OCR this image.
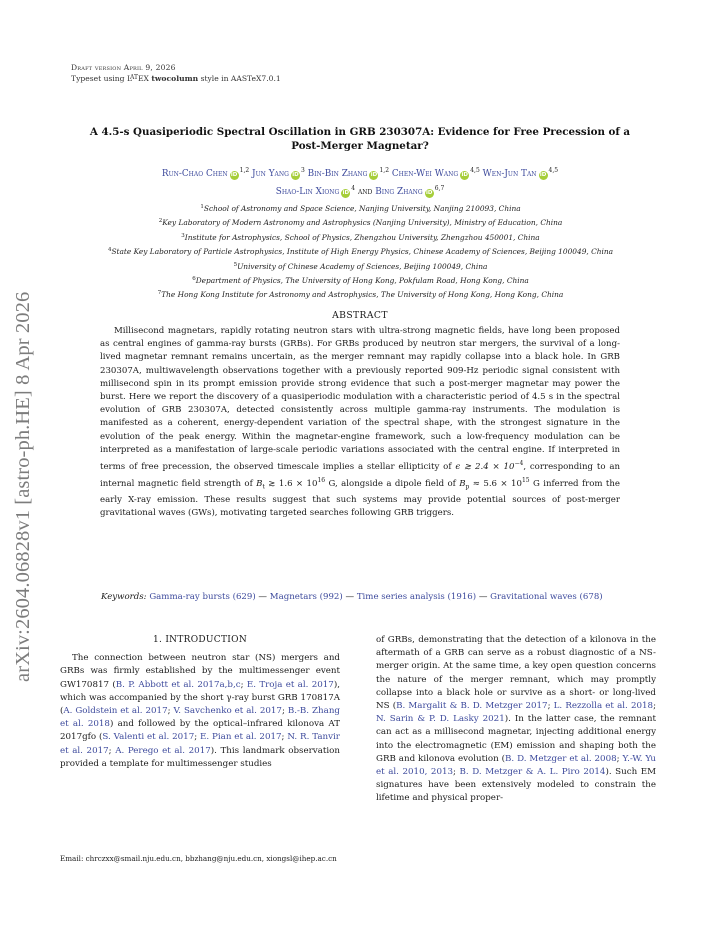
Draft version April 9, 2026
Typeset using $L^{AT}EX$ twocolumn style in AASTeX7.0.1
arXiv:2604.06828v1 [astro-ph.HE] 8 Apr 2026
A 4.5-s Quasiperiodic Spectral Oscillation in GRB 230307A: Evidence for Free Precession of a
Post-Merger Magnetar?
Run-Chao Chen iD$^{1,2}$ Jun Yang $iD^3$ Bin-Bin Zhang iD$^{1,2}$ Chen-Wei Wang iD$^{4,5}$ Wen-Jun Tan iD$^{4,5}$
Shao-Lin Xiong $iD^4$ and Bing Zhang iD$^{6,7}$
$^1$School of Astronomy and Space Science, Nanjing University, Nanjing 210093, China
$^2$Key Laboratory of Modern Astronomy and Astrophysics (Nanjing University), Ministry of Education, China
$^3$Institute for Astrophysics, School of Physics, Zhengzhou University, Zhengzhou 450001, China
$^4$State Key Laboratory of Particle Astrophysics, Institute of High Energy Physics, Chinese Academy of Sciences, Beijing 100049, China
$^5$University of Chinese Academy of Sciences, Beijing 100049, China
$^6$Department of Physics, The University of Hong Kong, Pokfulam Road, Hong Kong, China
$^7$The Hong Kong Institute for Astronomy and Astrophysics, The University of Hong Kong, Hong Kong, China
ABSTRACT
Millisecond magnetars, rapidly rotating neutron stars with ultra-strong magnetic fields, have long been proposed as central engines of gamma-ray bursts (GRBs). For GRBs produced by neutron star mergers, the survival of a long-lived magnetar remnant remains uncertain, as the merger remnant may rapidly collapse into a black hole. In GRB 230307A, multiwavelength observations together with a previously reported 909-Hz periodic signal consistent with millisecond spin in its prompt emission provide strong evidence that such a post-merger magnetar may power the burst. Here we report the discovery of a quasiperiodic modulation with a characteristic period of 4.5 s in the spectral evolution of GRB 230307A, detected consistently across multiple gamma-ray instruments. The modulation is manifested as a coherent, energy-dependent variation of the spectral shape, with the strongest signature in the evolution of the peak energy. Within the magnetar-engine framework, such a low-frequency modulation can be interpreted as a manifestation of large-scale periodic variations associated with the central engine. If interpreted in terms of free precession, the observed timescale implies a stellar ellipticity of ϵ ≳ $2.4 \times 10^{-4}$, corresponding to an internal magnetic field strength of $B_t$ ≳ $1.6 \times 10^{16}$ G, alongside a dipole field of $B_p \approx 5.6 \times 10^{15}$ G inferred from the early X-ray emission. These results suggest that such systems may provide potential sources of post-merger gravitational waves (GWs), motivating targeted searches following GRB triggers.
Keywords: Gamma-ray bursts (629) — Magnetars (992) — Time series analysis (1916) — Gravitational waves (678)
1. INTRODUCTION
The connection between neutron star (NS) mergers and GRBs was firmly established by the multimessenger event GW170817 (B. P. Abbott et al. 2017a,b,c; E. Troja et al. 2017), which was accompanied by the short γ-ray burst GRB 170817A (A. Goldstein et al. 2017; V. Savchenko et al. 2017; B.-B. Zhang et al. 2018) and followed by the optical–infrared kilonova AT 2017gfo (S. Valenti et al. 2017; E. Pian et al. 2017; N. R. Tanvir et al. 2017; A. Perego et al. 2017). This landmark observation provided a template for multimessenger studies
of GRBs, demonstrating that the detection of a kilonova in the aftermath of a GRB can serve as a robust diagnostic of a NS-merger origin. At the same time, a key open question concerns the nature of the merger remnant, which may promptly collapse into a black hole or survive as a short- or long-lived NS (B. Margalit & B. D. Metzger 2017; L. Rezzolla et al. 2018; N. Sarin & P. D. Lasky 2021). In the latter case, the remnant can act as a millisecond magnetar, injecting additional energy into the electromagnetic (EM) emission and shaping both the GRB and kilonova evolution (B. D. Metzger et al. 2008; Y.-W. Yu et al. 2010, 2013; B. D. Metzger & A. L. Piro 2014). Such EM signatures have been extensively modeled to constrain the lifetime and physical proper-
Email: chrczxx@smail.nju.edu.cn, bbzhang@nju.edu.cn, xiongsl@ihep.ac.cn
